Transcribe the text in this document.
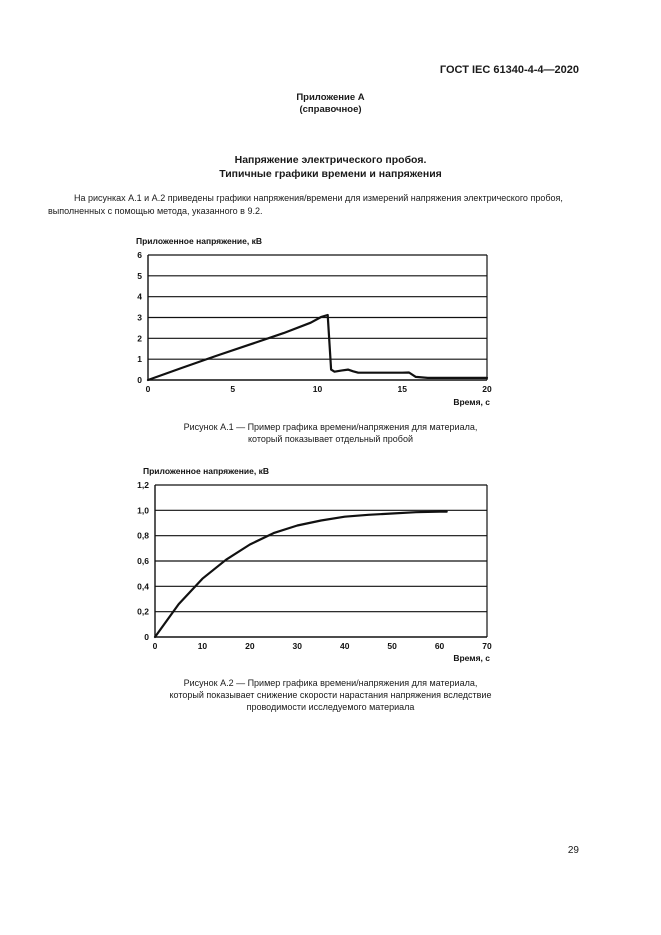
ГОСТ IEC 61340-4-4—2020
Приложение А
(справочное)
Напряжение электрического пробоя.
Типичные графики времени и напряжения
На рисунках А.1 и А.2 приведены графики напряжения/времени для измерений напряжения электрического пробоя, выполненных с помощью метода, указанного в 9.2.
0
1
2
3
4
5
6
0	5	10	15	20
Приложенное напряжение, кВ
Время, с
Рисунок А.1 — Пример графика времени/напряжения для материала,
который показывает отдельный пробой
0
0,2
0,4
0,6
0,8
1,0
1,2
0	10	20	30	40	50	60	70
Приложенное напряжение, кВ
Время, с
Рисунок А.2 — Пример графика времени/напряжения для материала,
который показывает снижение скорости нарастания напряжения вследствие
проводимости исследуемого материала
29
